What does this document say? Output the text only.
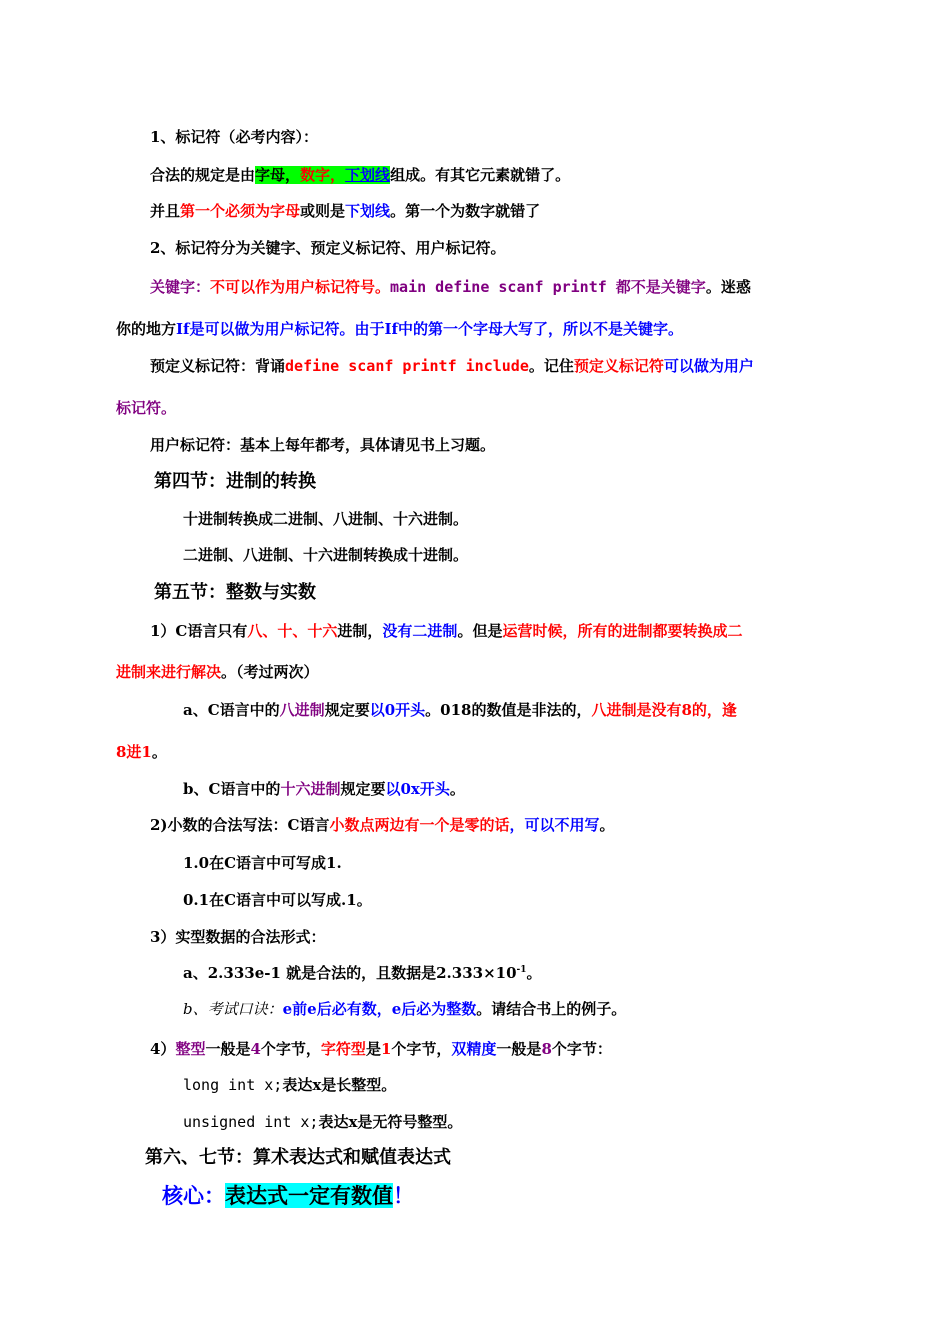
1、标记符（必考内容）：
合法的规定是由字母，数字，下划线组成。有其它元素就错了。
并且第一个必须为字母或则是下划线。第一个为数字就错了
2、标记符分为关键字、预定义标记符、用户标记符。
关键字：不可以作为用户标记符号。main define scanf printf 都不是关键字。迷惑
你的地方If是可以做为用户标记符。由于If中的第一个字母大写了，所以不是关键字。
预定义标记符：背诵define scanf printf include。记住预定义标记符可以做为用户
标记符。
用户标记符：基本上每年都考，具体请见书上习题。
第四节：进制的转换
十进制转换成二进制、八进制、十六进制。
二进制、八进制、十六进制转换成十进制。
第五节：整数与实数
1）C语言只有八、十、十六进制，没有二进制。但是运营时候，所有的进制都要转换成二
进制来进行解决。（考过两次）
a、C语言中的八进制规定要以0开头。018的数值是非法的，八进制是没有8的，逢
8进1。
b、C语言中的十六进制规定要以0x开头。
2)小数的合法写法：C语言小数点两边有一个是零的话，可以不用写。
1.0在C语言中可写成1.
0.1在C语言中可以写成.1。
3）实型数据的合法形式：
a、2.333e-1 就是合法的，且数据是$2.333\times 10^{-1}$。
b、考试口诀：e前e后必有数，e后必为整数。请结合书上的例子。
4）整型一般是4个字节，字符型是1个字节，双精度一般是8个字节：
long int x;表达x是长整型。
unsigned int x;表达x是无符号整型。
第六、七节：算术表达式和赋值表达式
核心：表达式一定有数值！
